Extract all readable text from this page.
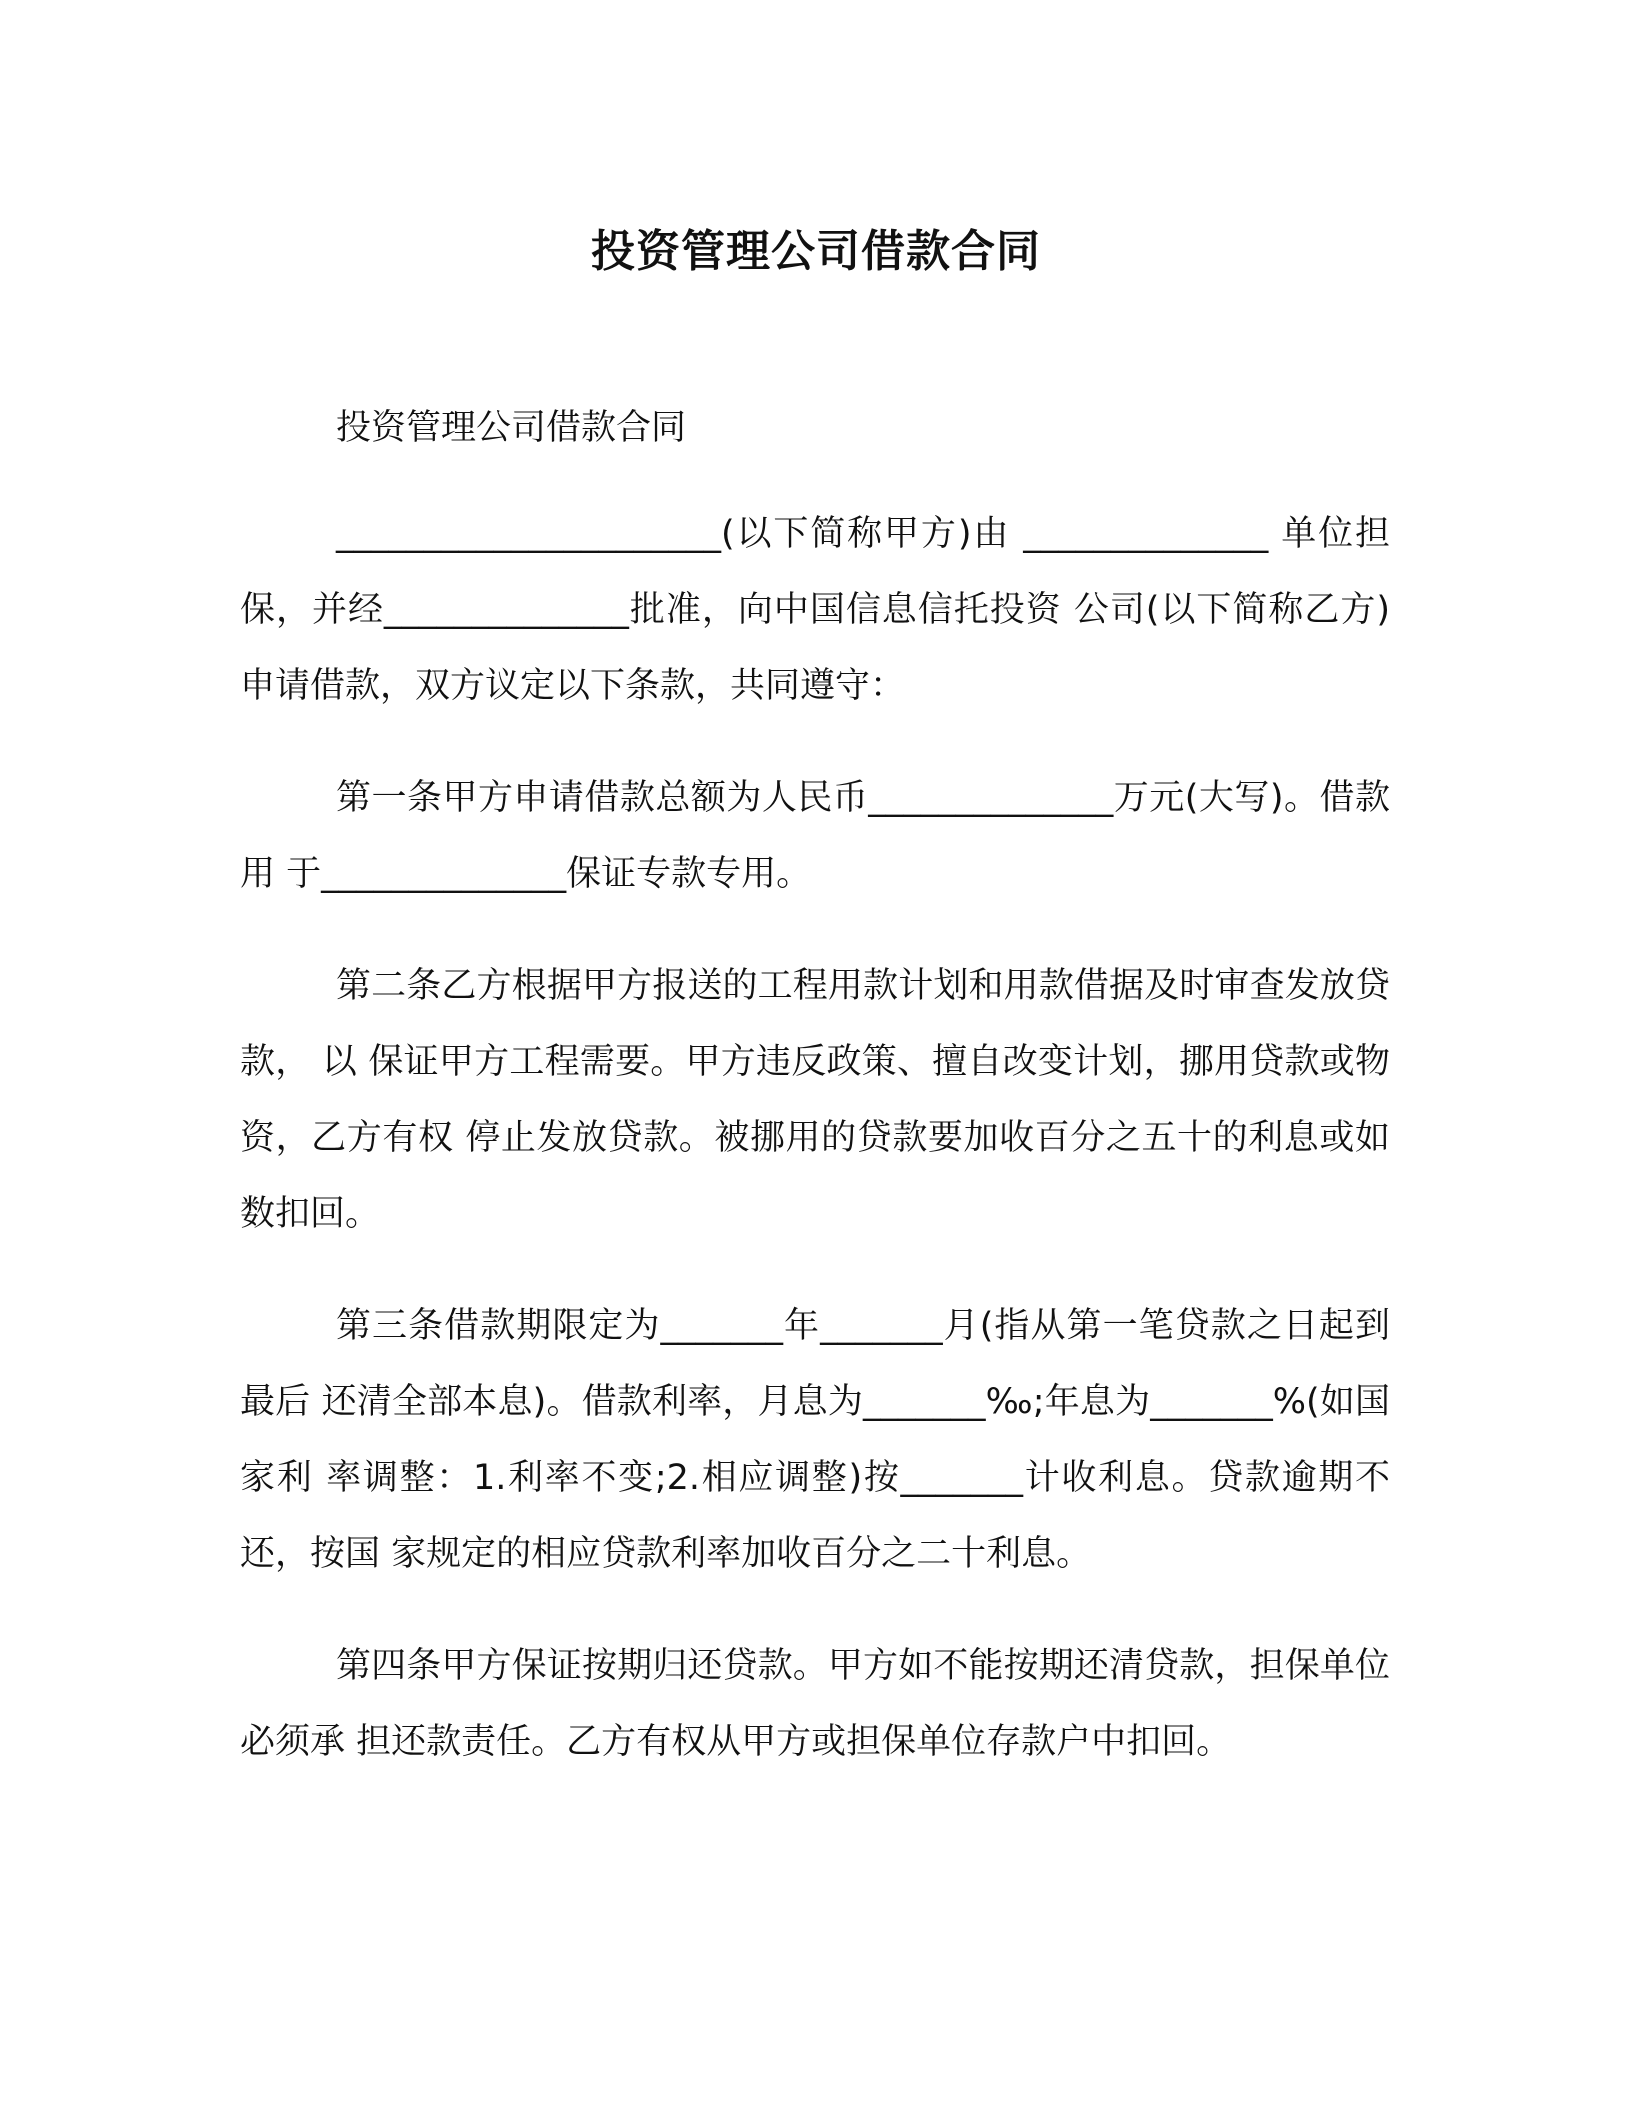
投资管理公司借款合同

投资管理公司借款合同

______________________(以下简称甲方)由 ______________ 单位担保，并经______________批准，向中国信息信托投资 公司(以下简称乙方)申请借款，双方议定以下条款，共同遵守：

第一条甲方申请借款总额为人民币______________万元(大写)。借款用 于______________保证专款专用。

第二条乙方根据甲方报送的工程用款计划和用款借据及时审查发放贷款， 以 保证甲方工程需要。甲方违反政策、擅自改变计划，挪用贷款或物资，乙方有权 停止发放贷款。被挪用的贷款要加收百分之五十的利息或如数扣回。

第三条借款期限定为_______年_______月(指从第一笔贷款之日起到最后 还清全部本息)。借款利率，月息为_______‰;年息为_______%(如国家利 率调整：1.利率不变;2.相应调整)按_______计收利息。贷款逾期不还，按国 家规定的相应贷款利率加收百分之二十利息。

第四条甲方保证按期归还贷款。甲方如不能按期还清贷款，担保单位必须承 担还款责任。乙方有权从甲方或担保单位存款户中扣回。
